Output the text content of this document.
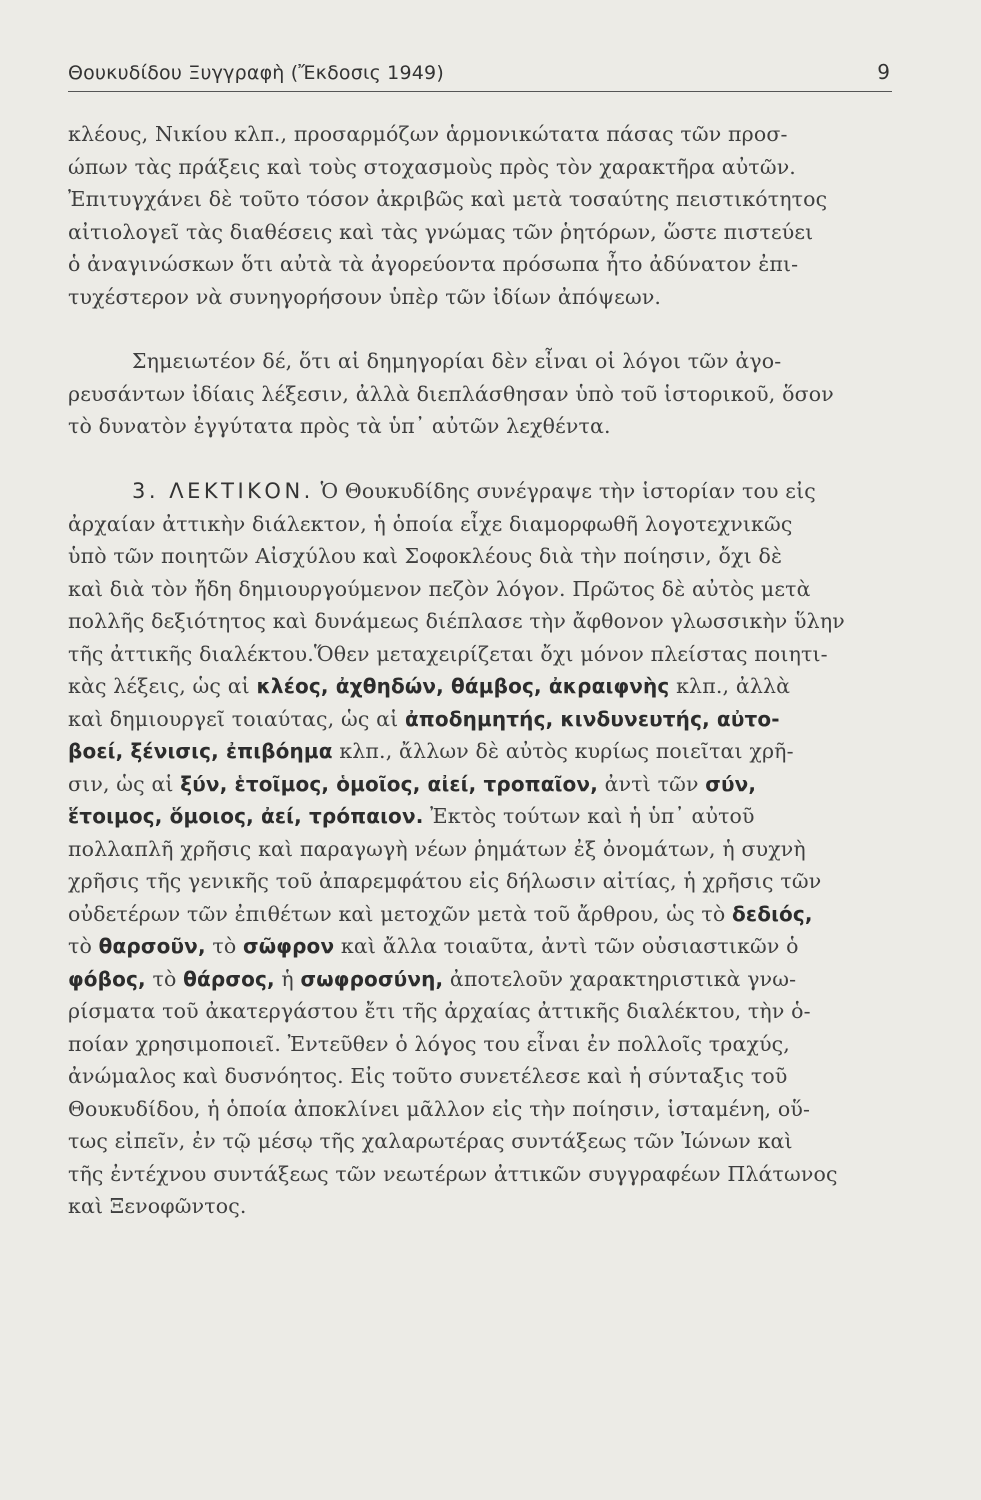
Θουκυδίδου Ξυγγραφὴ (Ἔκδοσις 1949)	9
κλέους, Νικίου κλπ., προσαρμόζων ἁρμονικώτατα πάσας τῶν προσ-
ώπων τὰς πράξεις καὶ τοὺς στοχασμοὺς πρὸς τὸν χαρακτῆρα αὐτῶν.
Ἐπιτυγχάνει δὲ τοῦτο τόσον ἀκριβῶς καὶ μετὰ τοσαύτης πειστικότητος
αἰτιολογεῖ τὰς διαθέσεις καὶ τὰς γνώμας τῶν ῥητόρων, ὥστε πιστεύει
ὁ ἀναγινώσκων ὅτι αὐτὰ τὰ ἀγορεύοντα πρόσωπα ἦτο ἀδύνατον ἐπι-
τυχέστερον νὰ συνηγορήσουν ὑπὲρ τῶν ἰδίων ἀπόψεων.
Σημειωτέον δέ, ὅτι αἱ δημηγορίαι δὲν εἶναι οἱ λόγοι τῶν ἀγο-
ρευσάντων ἰδίαις λέξεσιν, ἀλλὰ διεπλάσθησαν ὑπὸ τοῦ ἱστορικοῦ, ὅσον
τὸ δυνατὸν ἐγγύτατα πρὸς τὰ ὑπ᾽ αὐτῶν λεχθέντα.
3. ΛΕΚΤΙΚΟΝ. Ὁ Θουκυδίδης συνέγραψε τὴν ἱστορίαν του εἰς
ἀρχαίαν ἀττικὴν διάλεκτον, ἡ ὁποία εἶχε διαμορφωθῆ λογοτεχνικῶς
ὑπὸ τῶν ποιητῶν Αἰσχύλου καὶ Σοφοκλέους διὰ τὴν ποίησιν, ὄχι δὲ
καὶ διὰ τὸν ἤδη δημιουργούμενον πεζὸν λόγον. Πρῶτος δὲ αὐτὸς μετὰ
πολλῆς δεξιότητος καὶ δυνάμεως διέπλασε τὴν ἄφθονον γλωσσικὴν ὕλην
τῆς ἀττικῆς διαλέκτου.Ὅθεν μεταχειρίζεται ὄχι μόνον πλείστας ποιητι-
κὰς λέξεις, ὡς αἱ κλέος, ἀχθηδών, θάμβος, ἀκραιφνὴς κλπ., ἀλλὰ
καὶ δημιουργεῖ τοιαύτας, ὡς αἱ ἀποδημητής, κινδυνευτής, αὐτο-
βοεί, ξένισις, ἐπιβόημα κλπ., ἄλλων δὲ αὐτὸς κυρίως ποιεῖται χρῆ-
σιν, ὡς αἱ ξύν, ἑτοῖμος, ὁμοῖος, αἰεί, τροπαῖον, ἀντὶ τῶν σύν,
ἕτοιμος, ὅμοιος, ἀεί, τρόπαιον. Ἐκτὸς τούτων καὶ ἡ ὑπ᾽ αὐτοῦ
πολλαπλῆ χρῆσις καὶ παραγωγὴ νέων ῥημάτων ἐξ ὀνομάτων, ἡ συχνὴ
χρῆσις τῆς γενικῆς τοῦ ἀπαρεμφάτου εἰς δήλωσιν αἰτίας, ἡ χρῆσις τῶν
οὐδετέρων τῶν ἐπιθέτων καὶ μετοχῶν μετὰ τοῦ ἄρθρου, ὡς τὸ δεδιός,
τὸ θαρσοῦν, τὸ σῶφρον καὶ ἄλλα τοιαῦτα, ἀντὶ τῶν οὐσιαστικῶν ὁ
φόβος, τὸ θάρσος, ἡ σωφροσύνη, ἀποτελοῦν χαρακτηριστικὰ γνω-
ρίσματα τοῦ ἀκατεργάστου ἔτι τῆς ἀρχαίας ἀττικῆς διαλέκτου, τὴν ὁ-
ποίαν χρησιμοποιεῖ. Ἐντεῦθεν ὁ λόγος του εἶναι ἐν πολλοῖς τραχύς,
ἀνώμαλος καὶ δυσνόητος. Εἰς τοῦτο συνετέλεσε καὶ ἡ σύνταξις τοῦ
Θουκυδίδου, ἡ ὁποία ἀποκλίνει μᾶλλον εἰς τὴν ποίησιν, ἱσταμένη, οὕ-
τως εἰπεῖν, ἐν τῷ μέσῳ τῆς χαλαρωτέρας συντάξεως τῶν Ἰώνων καὶ
τῆς ἐντέχνου συντάξεως τῶν νεωτέρων ἀττικῶν συγγραφέων Πλάτωνος
καὶ Ξενοφῶντος.
